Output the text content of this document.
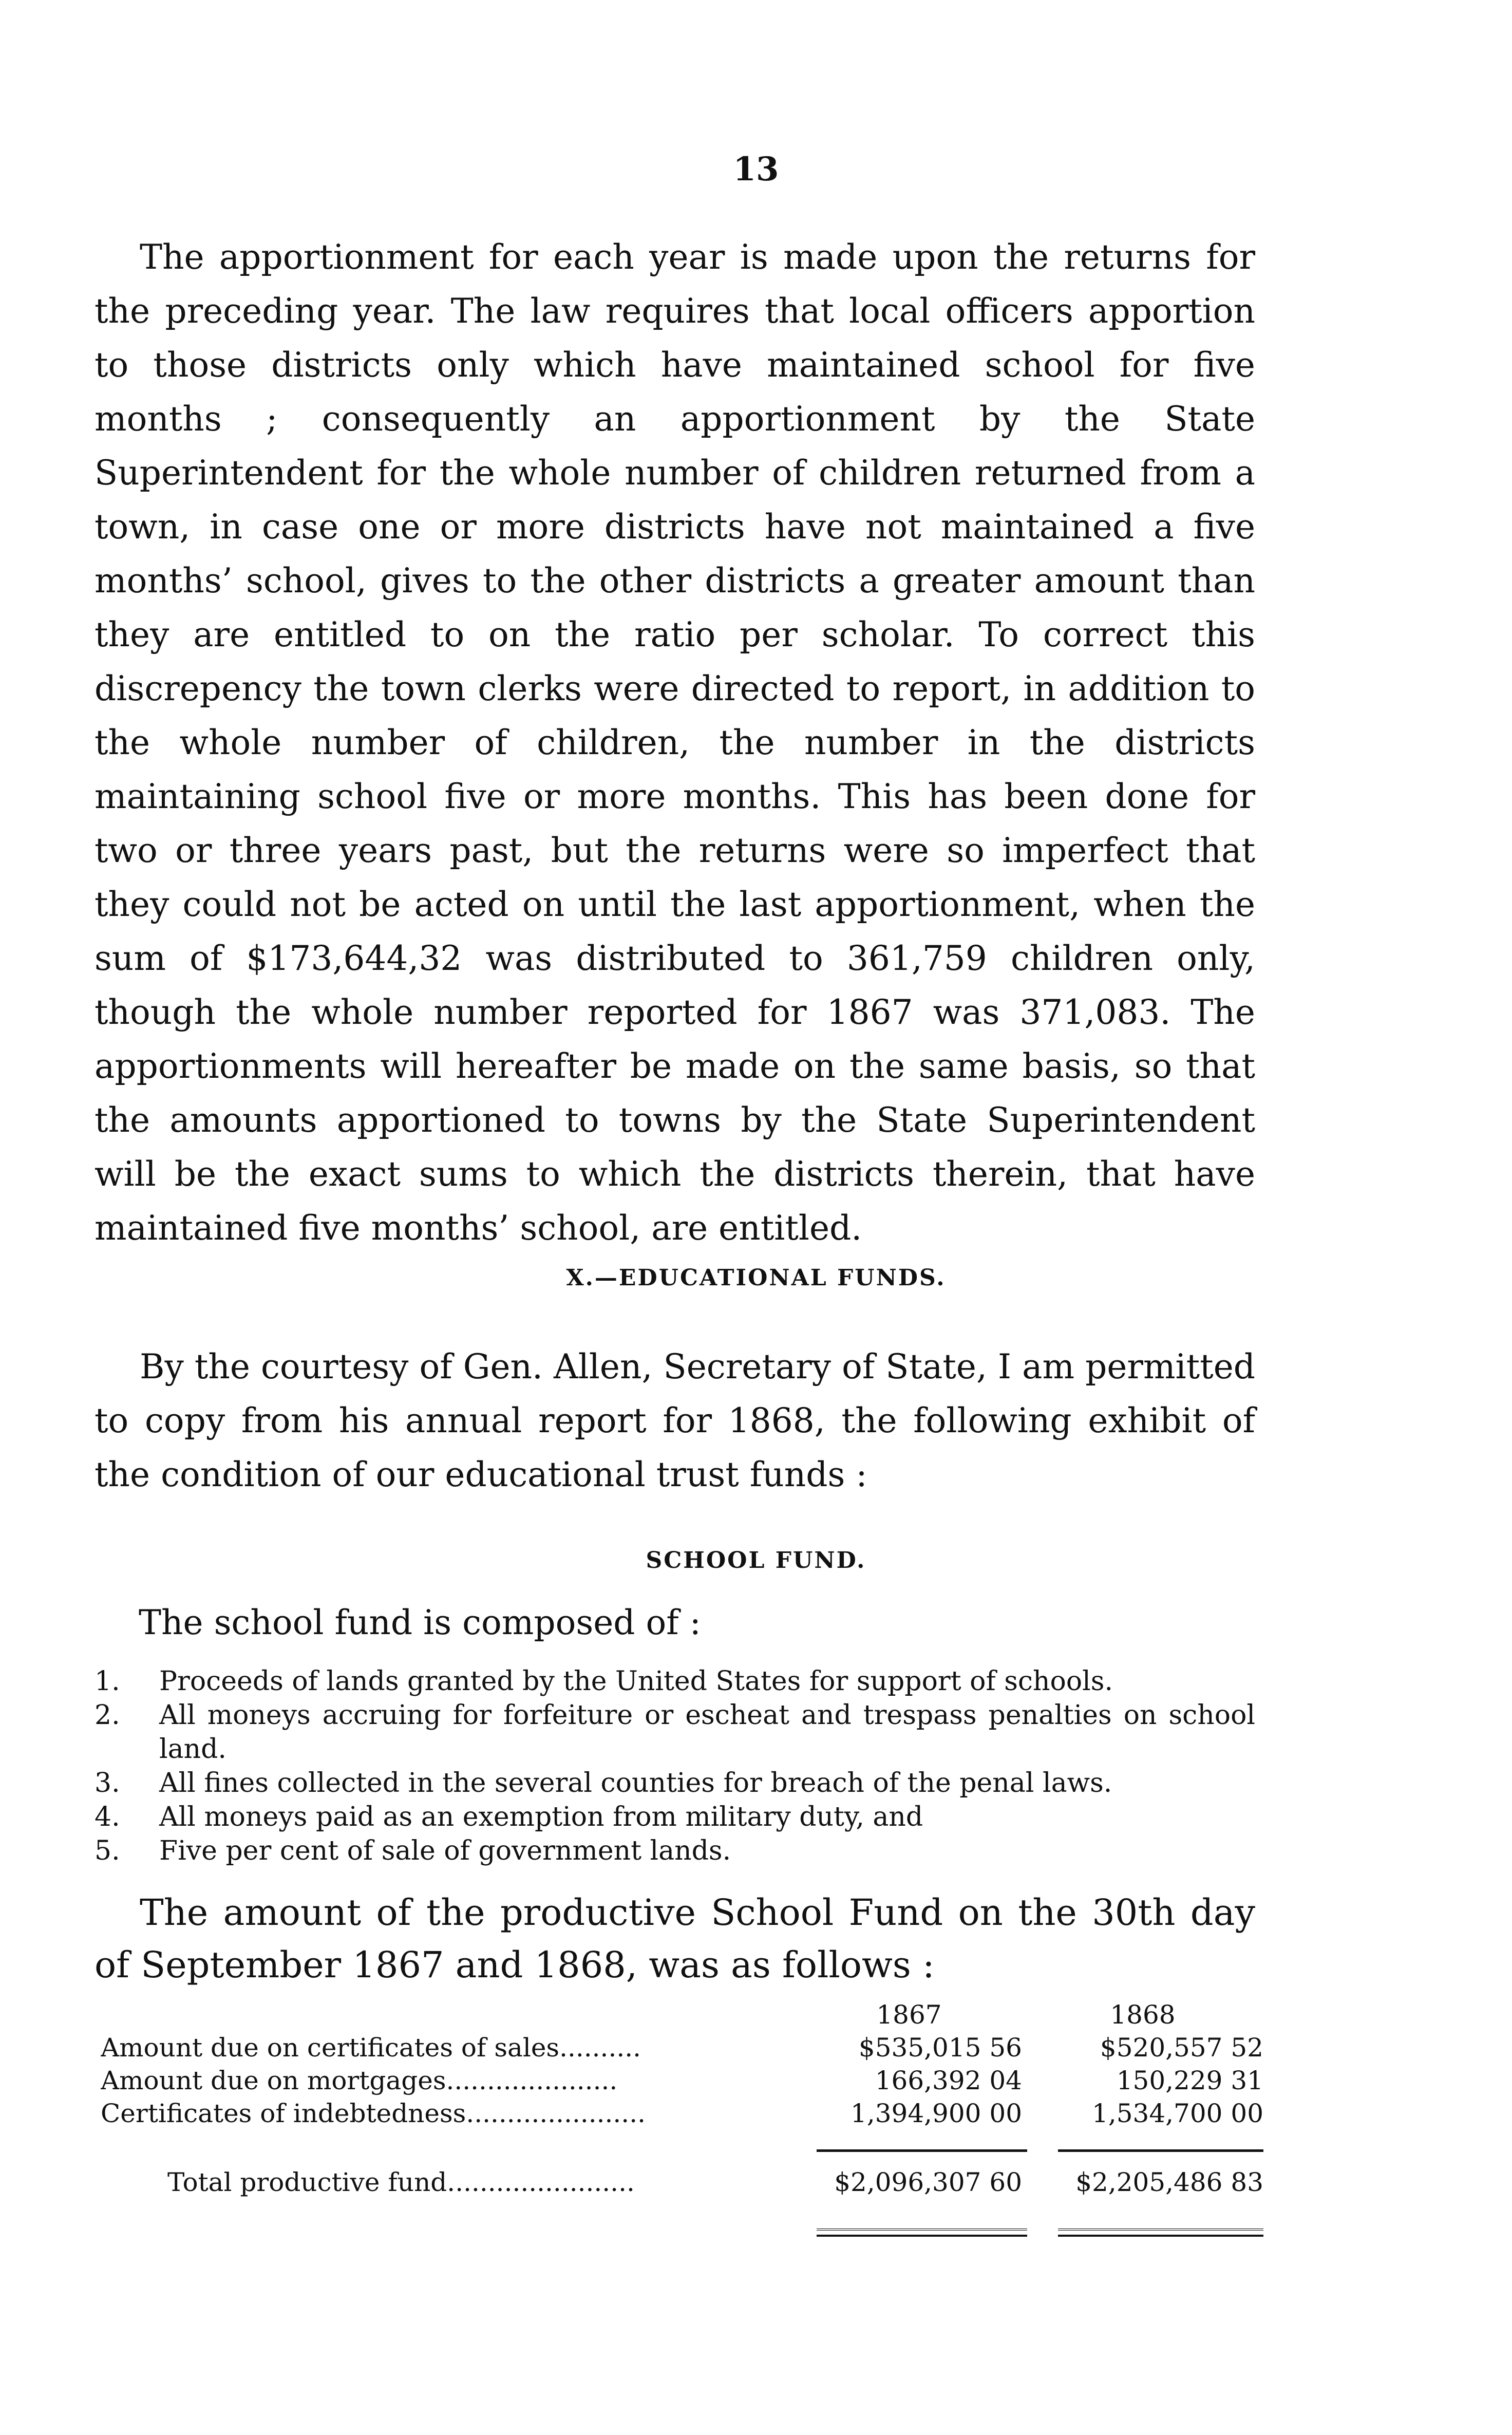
13
The apportionment for each year is made upon the returns for the preceding year. The law requires that local officers apportion to those districts only which have maintained school for five months ; consequently an apportionment by the State Superintendent for the whole number of children returned from a town, in case one or more districts have not maintained a five months’ school, gives to the other districts a greater amount than they are entitled to on the ratio per scholar. To correct this discrepency the town clerks were directed to report, in addition to the whole number of children, the number in the districts maintaining school five or more months. This has been done for two or three years past, but the returns were so imperfect that they could not be acted on until the last apportionment, when the sum of $173,644,32 was distributed to 361,759 children only, though the whole number reported for 1867 was 371,083. The apportionments will hereafter be made on the same basis, so that the amounts apportioned to towns by the State Superintendent will be the exact sums to which the districts therein, that have maintained five months’ school, are entitled.
X.—EDUCATIONAL FUNDS.
By the courtesy of Gen. Allen, Secretary of State, I am permitted to copy from his annual report for 1868, the following exhibit of the condition of our educational trust funds :
SCHOOL FUND.
The school fund is composed of :
1.	Proceeds of lands granted by the United States for support of schools.
2.	All moneys accruing for forfeiture or escheat and trespass penalties on school land.
3.	All fines collected in the several counties for breach of the penal laws.
4.	All moneys paid as an exemption from military duty, and
5.	Five per cent of sale of government lands.
The amount of the productive School Fund on the 30th day of September 1867 and 1868, was as follows :
1867	1868
Amount due on certificates of sales..........	$535,015 56	$520,557 52
Amount due on mortgages.....................	166,392 04	150,229 31
Certificates of indebtedness......................	1,394,900 00	1,534,700 00
Total productive fund.......................	$2,096,307 60	$2,205,486 83
